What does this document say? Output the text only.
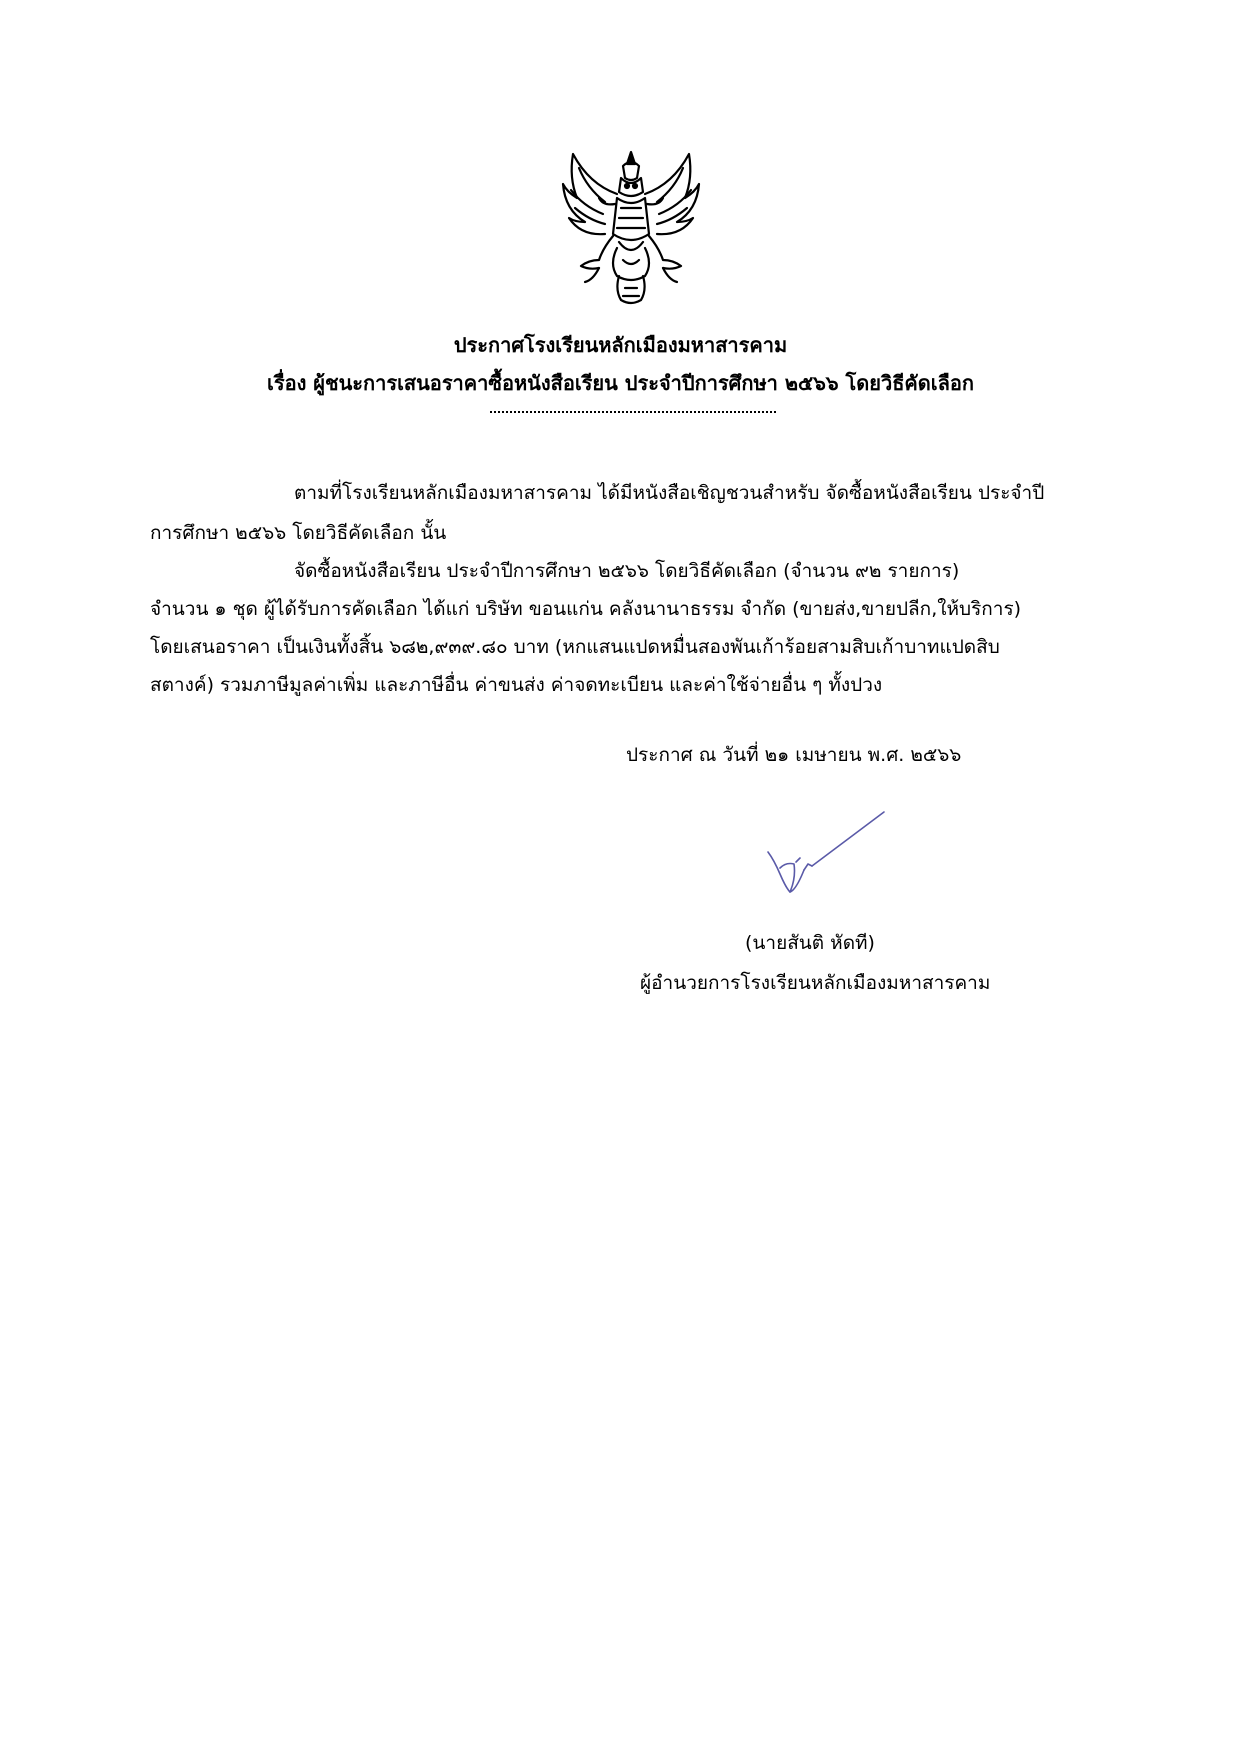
ประกาศโรงเรียนหลักเมืองมหาสารคาม
เรื่อง ผู้ชนะการเสนอราคาซื้อหนังสือเรียน ประจำปีการศึกษา ๒๕๖๖ โดยวิธีคัดเลือก
ตามที่โรงเรียนหลักเมืองมหาสารคาม ได้มีหนังสือเชิญชวนสำหรับ จัดซื้อหนังสือเรียน ประจำปี
การศึกษา ๒๕๖๖ โดยวิธีคัดเลือก นั้น
จัดซื้อหนังสือเรียน ประจำปีการศึกษา ๒๕๖๖ โดยวิธีคัดเลือก (จำนวน ๙๒ รายการ)
จำนวน ๑ ชุด ผู้ได้รับการคัดเลือก ได้แก่ บริษัท ขอนแก่น คลังนานาธรรม จำกัด (ขายส่ง,ขายปลีก,ให้บริการ)
โดยเสนอราคา เป็นเงินทั้งสิ้น ๖๘๒,๙๓๙.๘๐ บาท (หกแสนแปดหมื่นสองพันเก้าร้อยสามสิบเก้าบาทแปดสิบ
สตางค์) รวมภาษีมูลค่าเพิ่ม และภาษีอื่น ค่าขนส่ง ค่าจดทะเบียน และค่าใช้จ่ายอื่น ๆ ทั้งปวง
ประกาศ ณ วันที่ ๒๑ เมษายน พ.ศ. ๒๕๖๖
(นายสันติ หัดที)
ผู้อำนวยการโรงเรียนหลักเมืองมหาสารคาม
